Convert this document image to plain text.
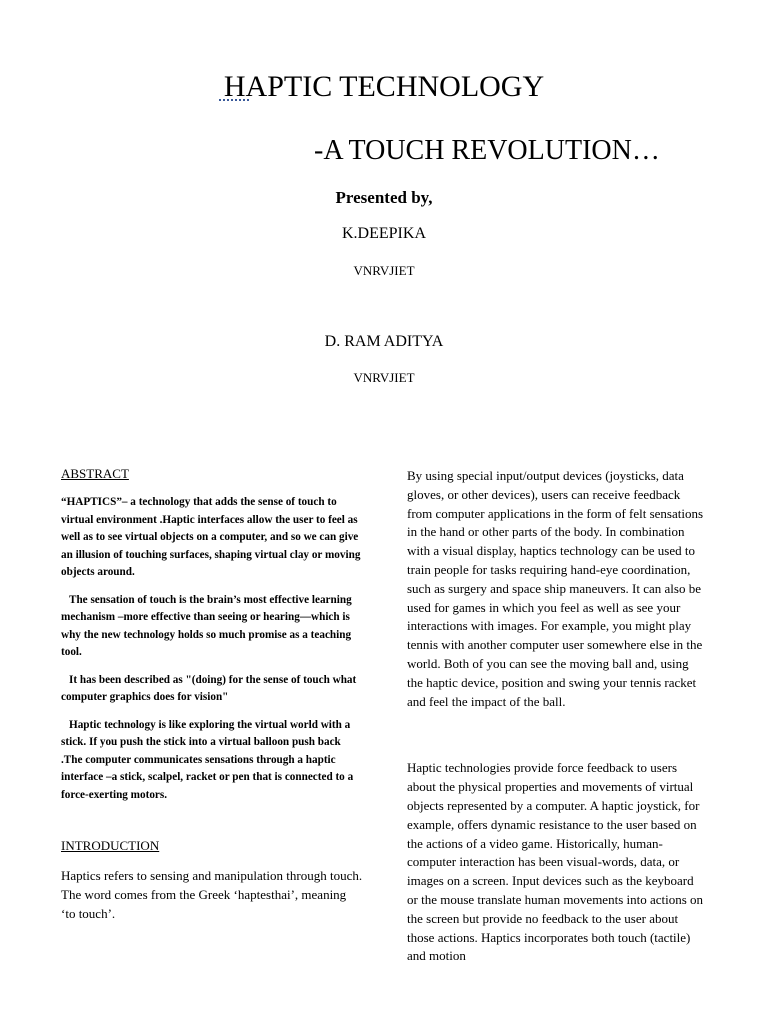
HAPTIC TECHNOLOGY
-A TOUCH REVOLUTION…
Presented by,
K.DEEPIKA
VNRVJIET
D. RAM ADITYA
VNRVJIET
ABSTRACT

“HAPTICS”– a technology that adds the sense of touch to virtual environment .Haptic interfaces allow the user to feel as well as to see virtual objects on a computer, and so we can give an illusion of touching surfaces, shaping virtual clay or moving objects around.

The sensation of touch is the brain’s most effective learning mechanism –more effective than seeing or hearing—which is why the new technology holds so much promise as a teaching tool.

It has been described as "(doing) for the sense of touch what computer graphics does for vision"

Haptic technology is like exploring the virtual world with a stick. If you push the stick into a virtual balloon push back .The computer communicates sensations through a haptic interface –a stick, scalpel, racket or pen that is connected to a force-exerting motors.

INTRODUCTION

Haptics refers to sensing and manipulation through touch. The word comes from the Greek ‘haptesthai’, meaning ‘to touch’.

By using special input/output devices (joysticks, data gloves, or other devices), users can receive feedback from computer applications in the form of felt sensations in the hand or other parts of the body. In combination with a visual display, haptics technology can be used to train people for tasks requiring hand-eye coordination, such as surgery and space ship maneuvers. It can also be used for games in which you feel as well as see your interactions with images. For example, you might play tennis with another computer user somewhere else in the world. Both of you can see the moving ball and, using the haptic device, position and swing your tennis racket and feel the impact of the ball.

Haptic technologies provide force feedback to users about the physical properties and movements of virtual objects represented by a computer. A haptic joystick, for example, offers dynamic resistance to the user based on the actions of a video game. Historically, human-computer interaction has been visual-words, data, or images on a screen. Input devices such as the keyboard or the mouse translate human movements into actions on the screen but provide no feedback to the user about those actions. Haptics incorporates both touch (tactile) and motion
